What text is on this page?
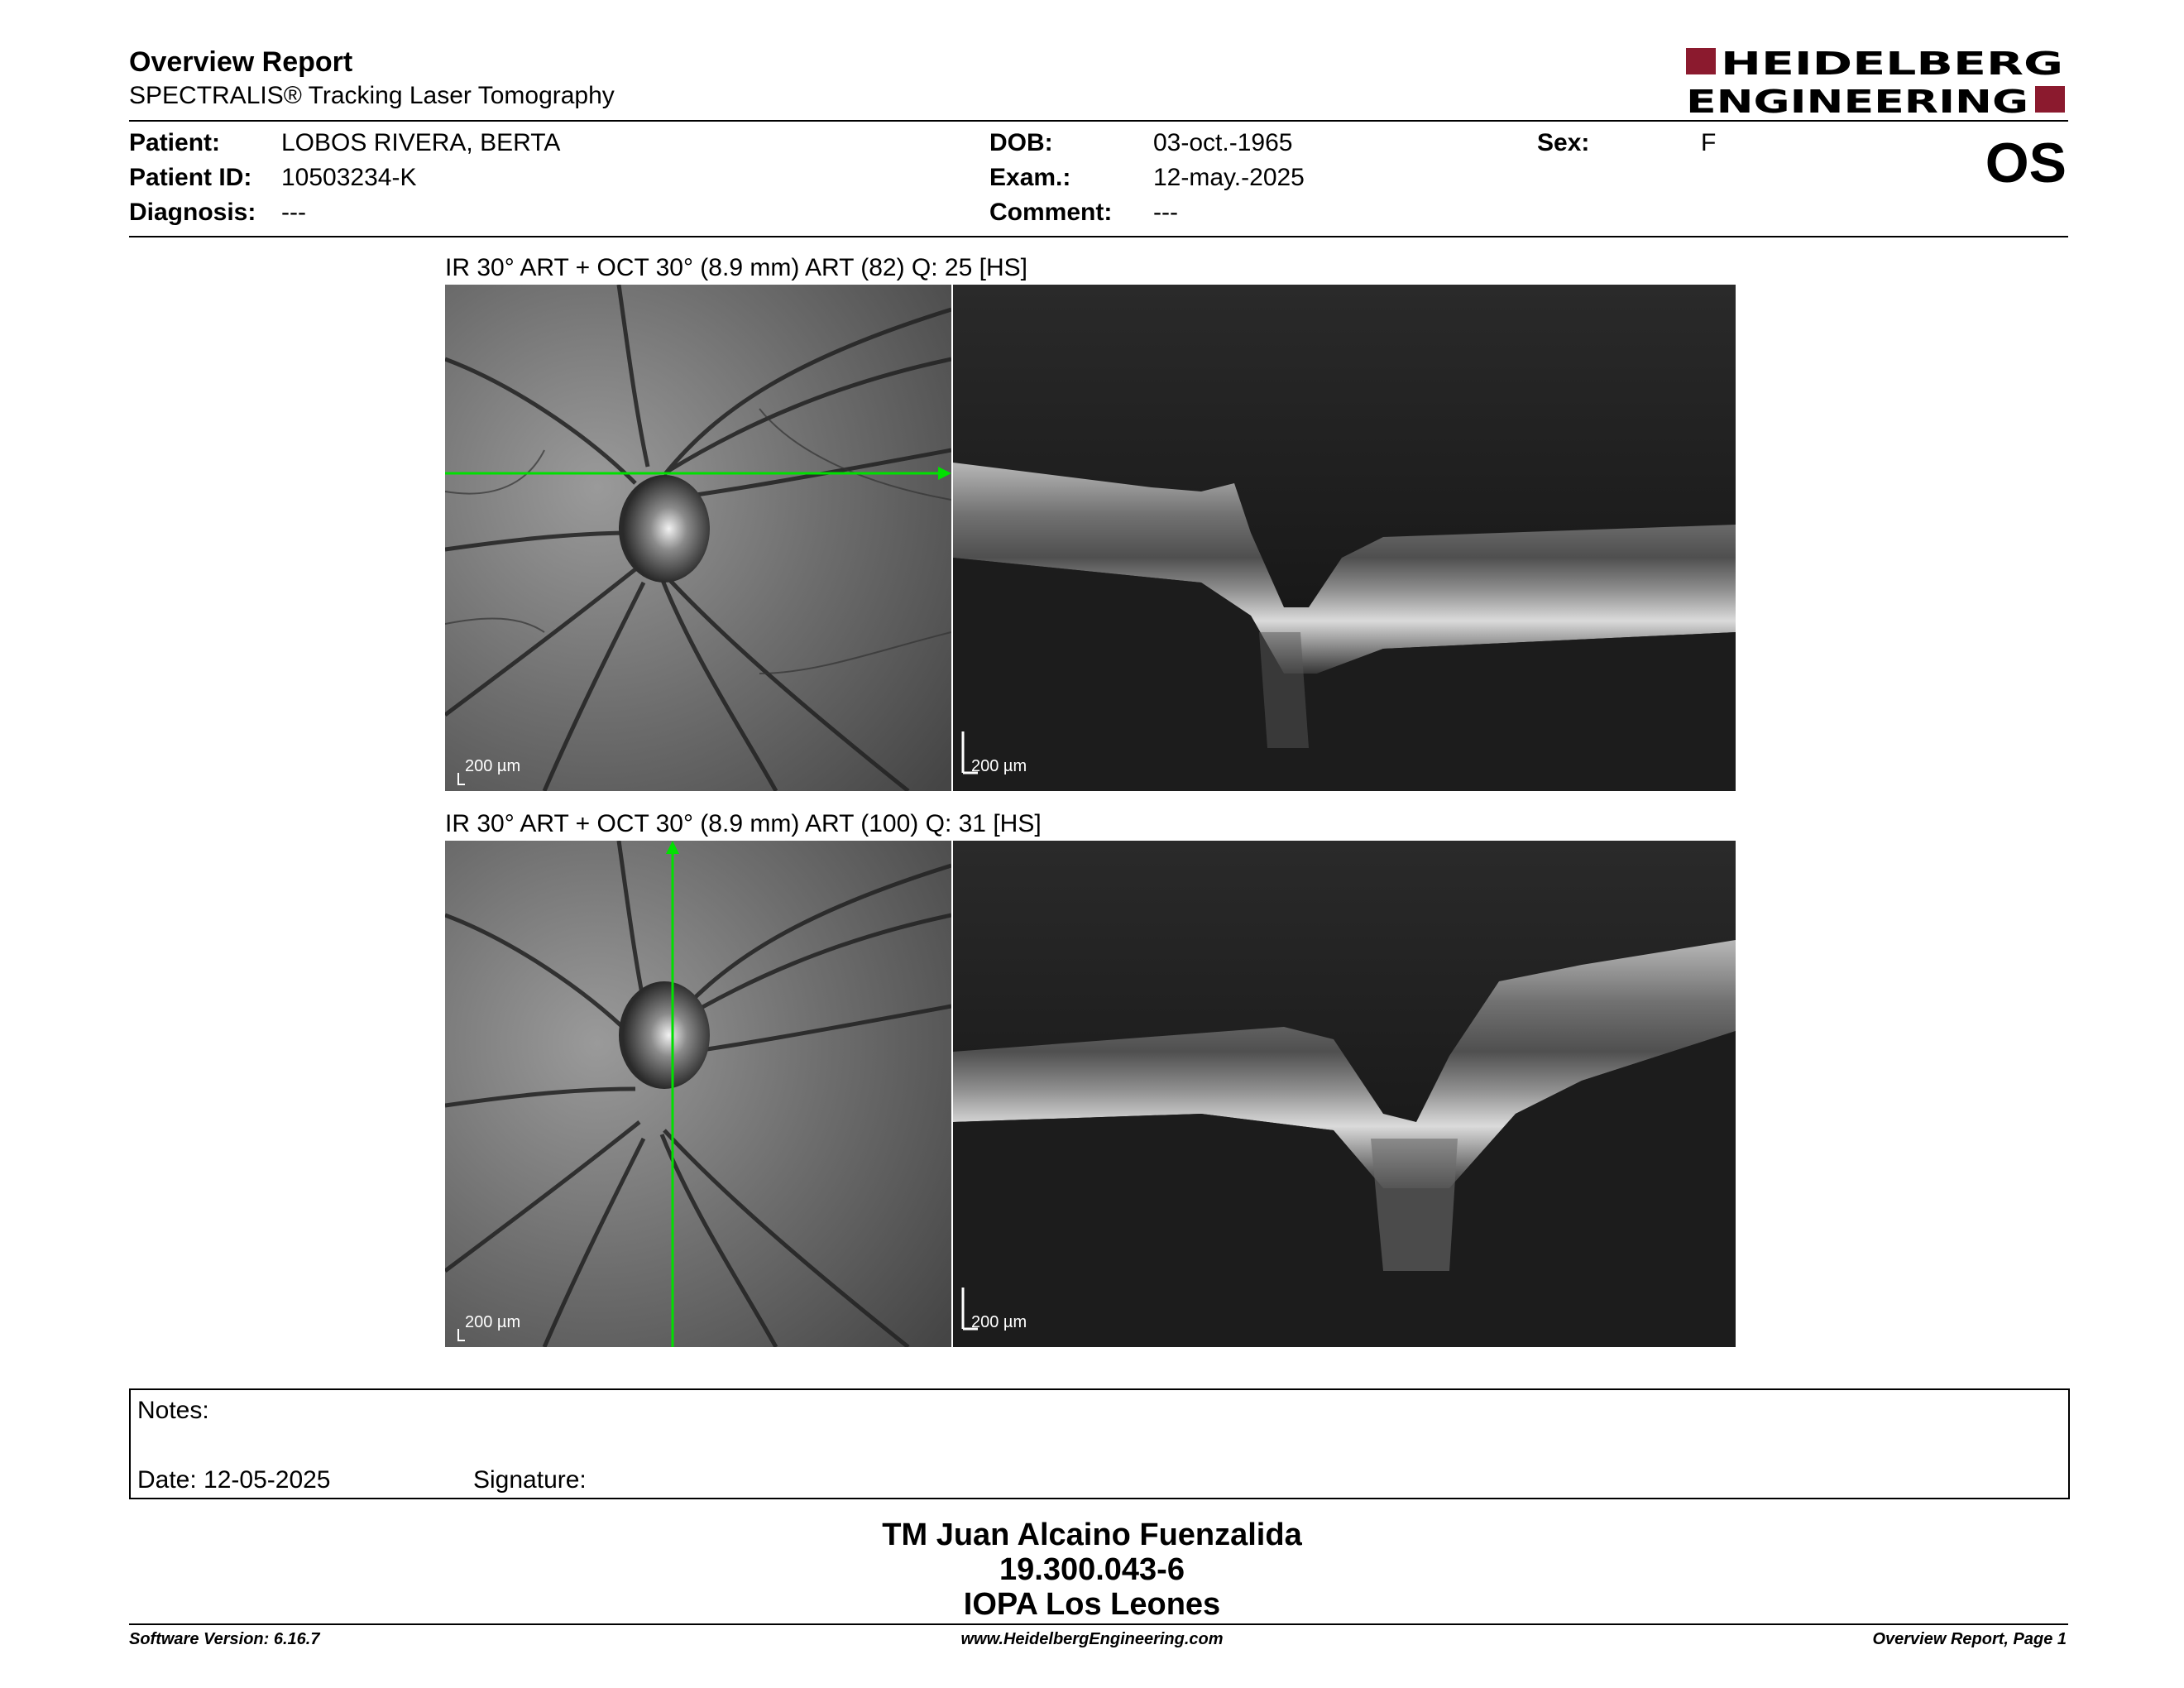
Overview Report
SPECTRALIS® Tracking Laser Tomography
HEIDELBERG
ENGINEERING
Patient: LOBOS RIVERA, BERTA
Patient ID: 10503234-K
Diagnosis: ---
DOB:	03-oct.-1965
Exam.:	12-may.-2025
Comment: ---
Sex:	F	OS
IR 30° ART + OCT 30° (8.9 mm) ART (82) Q: 25 [HS]
200 µm	200 µm
IR 30° ART + OCT 30° (8.9 mm) ART (100) Q: 31 [HS]
200 µm	200 µm
Notes:
Date: 12-05-2025	Signature:
TM Juan Alcaino Fuenzalida
19.300.043-6
IOPA Los Leones
Software Version: 6.16.7	www.HeidelbergEngineering.com	Overview Report, Page 1
